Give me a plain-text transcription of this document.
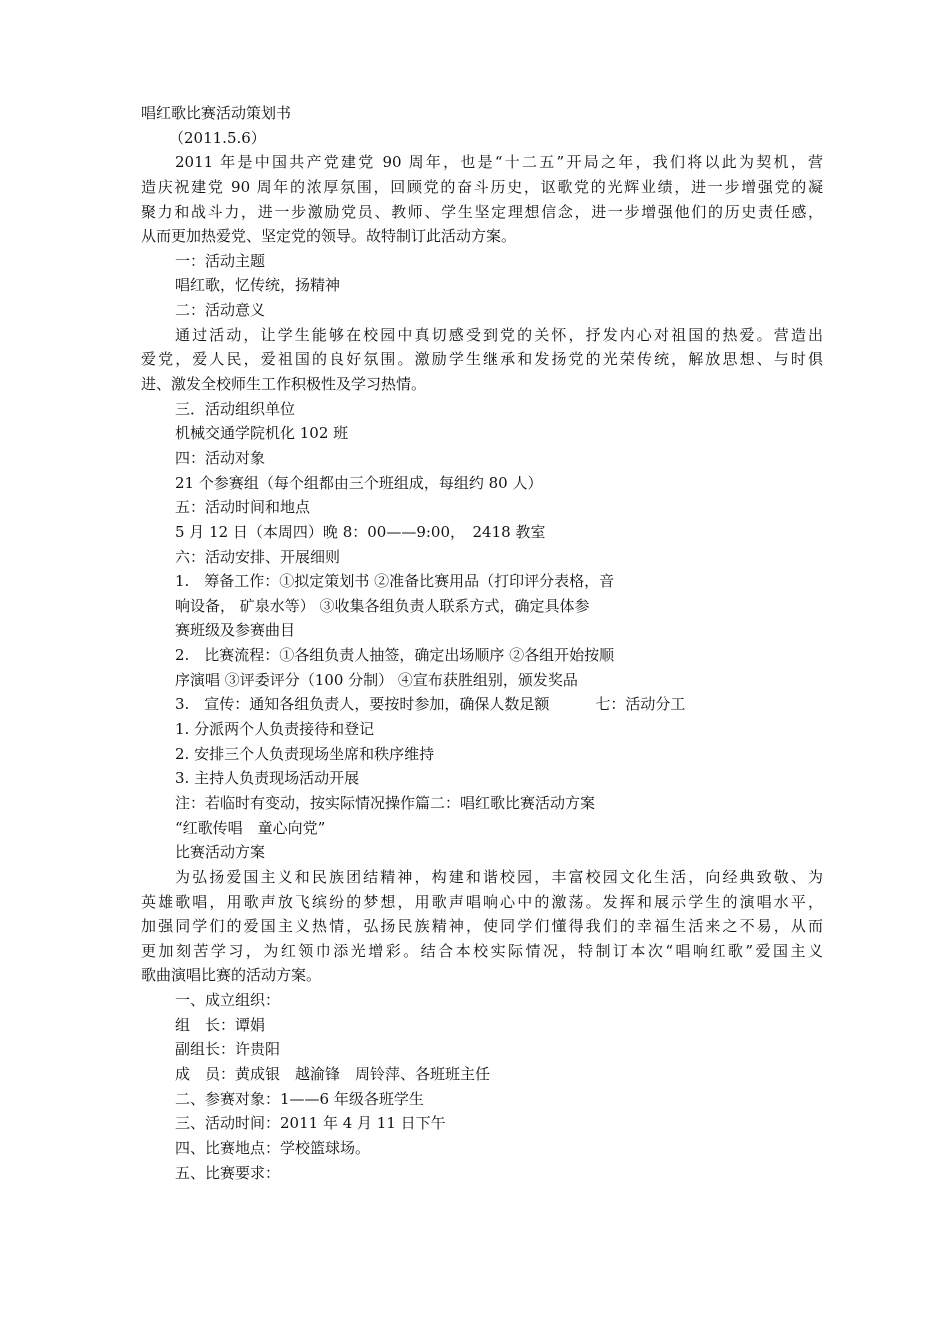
唱红歌比赛活动策划书
（2011.5.6）
2011 年是中国共产党建党 90 周年，也是“十二五”开局之年，我们将以此为契机，营
造庆祝建党 90 周年的浓厚氛围，回顾党的奋斗历史，讴歌党的光辉业绩，进一步增强党的凝
聚力和战斗力，进一步激励党员、教师、学生坚定理想信念，进一步增强他们的历史责任感，
从而更加热爱党、坚定党的领导。故特制订此活动方案。
一：活动主题
唱红歌，忆传统，扬精神
二：活动意义
通过活动，让学生能够在校园中真切感受到党的关怀，抒发内心对祖国的热爱。营造出
爱党，爱人民，爱祖国的良好氛围。激励学生继承和发扬党的光荣传统，解放思想、与时俱
进、激发全校师生工作积极性及学习热情。
三．活动组织单位
机械交通学院机化 102 班
四：活动对象
21 个参赛组（每个组都由三个班组成，每组约 80 人）
五：活动时间和地点
5 月 12 日（本周四）晚 8：00——9:00，　2418 教室
六：活动安排、开展细则
1.　筹备工作：①拟定策划书 ②准备比赛用品（打印评分表格，音
响设备， 矿泉水等） ③收集各组负责人联系方式，确定具体参
赛班级及参赛曲目
2.　比赛流程：①各组负责人抽签，确定出场顺序 ②各组开始按顺
序演唱 ③评委评分（100 分制） ④宣布获胜组别，颁发奖品
3.　宣传：通知各组负责人，要按时参加，确保人数足额	七：活动分工
1. 分派两个人负责接待和登记
2. 安排三个人负责现场坐席和秩序维持
3. 主持人负责现场活动开展
注：若临时有变动，按实际情况操作篇二：唱红歌比赛活动方案
“红歌传唱　童心向党”
比赛活动方案
为弘扬爱国主义和民族团结精神，构建和谐校园，丰富校园文化生活，向经典致敬、为
英雄歌唱，用歌声放飞缤纷的梦想，用歌声唱响心中的激荡。发挥和展示学生的演唱水平，
加强同学们的爱国主义热情，弘扬民族精神，使同学们懂得我们的幸福生活来之不易，从而
更加刻苦学习，为红领巾添光增彩。结合本校实际情况，特制订本次“唱响红歌”爱国主义
歌曲演唱比赛的活动方案。
一、成立组织：
组　长：谭娟
副组长：许贵阳
成　员：黄成银　越渝锋　周铃萍、各班班主任
二、参赛对象：1——6 年级各班学生
三、活动时间：2011 年 4 月 11 日下午
四、比赛地点：学校篮球场。
五、比赛要求：
